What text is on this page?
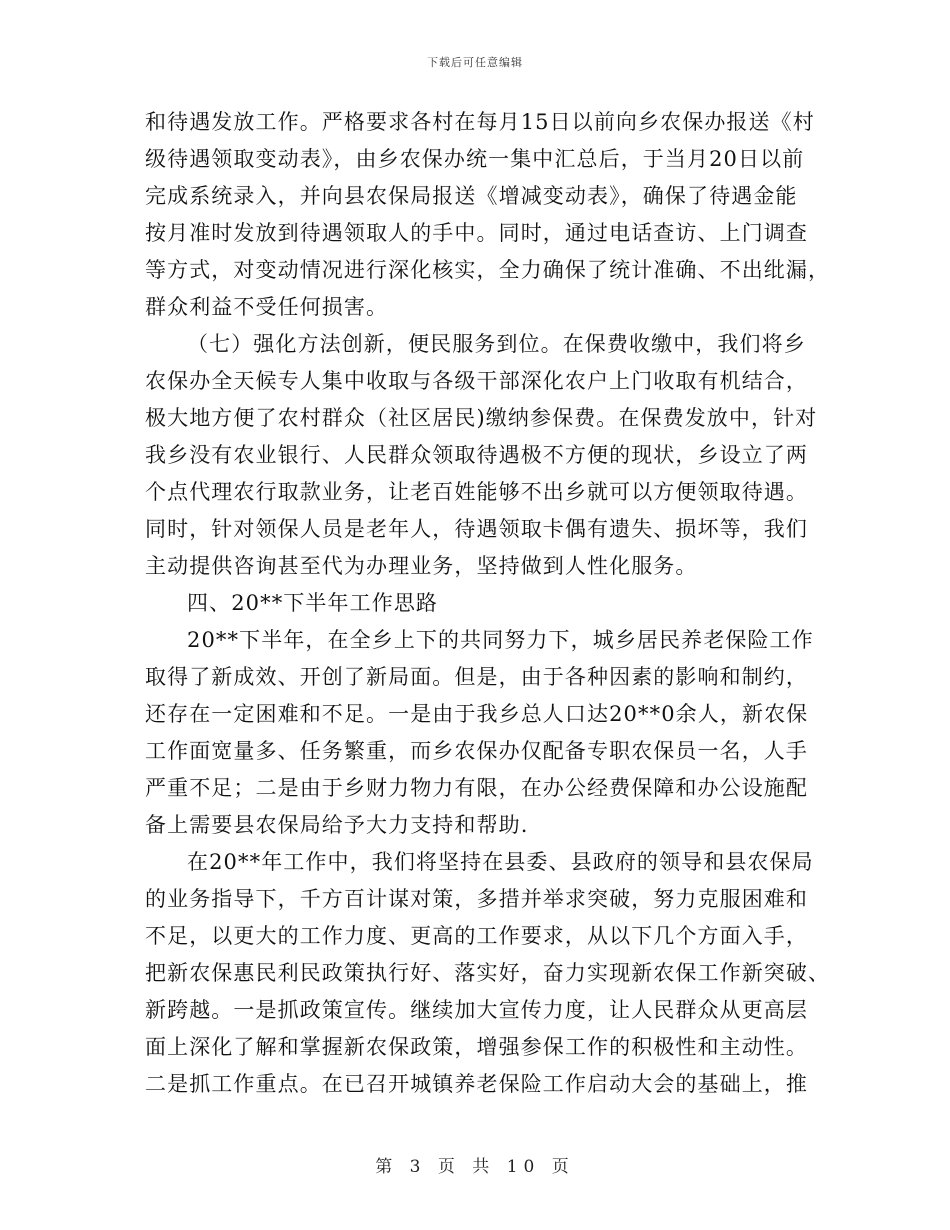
下载后可任意编辑
和待遇发放工作。严格要求各村在每月15日以前向乡农保办报送《村
级待遇领取变动表》，由乡农保办统一集中汇总后，于当月20日以前
完成系统录入，并向县农保局报送《增减变动表》，确保了待遇金能
按月准时发放到待遇领取人的手中。同时，通过电话查访、上门调查
等方式，对变动情况进行深化核实，全力确保了统计准确、不出纰漏，
群众利益不受任何损害。
（七）强化方法创新，便民服务到位。在保费收缴中，我们将乡
农保办全天候专人集中收取与各级干部深化农户上门收取有机结合，
极大地方便了农村群众（社区居民)缴纳参保费。在保费发放中，针对
我乡没有农业银行、人民群众领取待遇极不方便的现状，乡设立了两
个点代理农行取款业务，让老百姓能够不出乡就可以方便领取待遇。
同时，针对领保人员是老年人，待遇领取卡偶有遗失、损坏等，我们
主动提供咨询甚至代为办理业务，坚持做到人性化服务。
四、20**下半年工作思路
20**下半年，在全乡上下的共同努力下，城乡居民养老保险工作
取得了新成效、开创了新局面。但是，由于各种因素的影响和制约，
还存在一定困难和不足。一是由于我乡总人口达20**0余人，新农保
工作面宽量多、任务繁重，而乡农保办仅配备专职农保员一名，人手
严重不足；二是由于乡财力物力有限，在办公经费保障和办公设施配
备上需要县农保局给予大力支持和帮助.
在20**年工作中，我们将坚持在县委、县政府的领导和县农保局
的业务指导下，千方百计谋对策，多措并举求突破，努力克服困难和
不足，以更大的工作力度、更高的工作要求，从以下几个方面入手，
把新农保惠民利民政策执行好、落实好，奋力实现新农保工作新突破、
新跨越。一是抓政策宣传。继续加大宣传力度，让人民群众从更高层
面上深化了解和掌握新农保政策，增强参保工作的积极性和主动性。
二是抓工作重点。在已召开城镇养老保险工作启动大会的基础上，推
第 3 页 共 10 页
